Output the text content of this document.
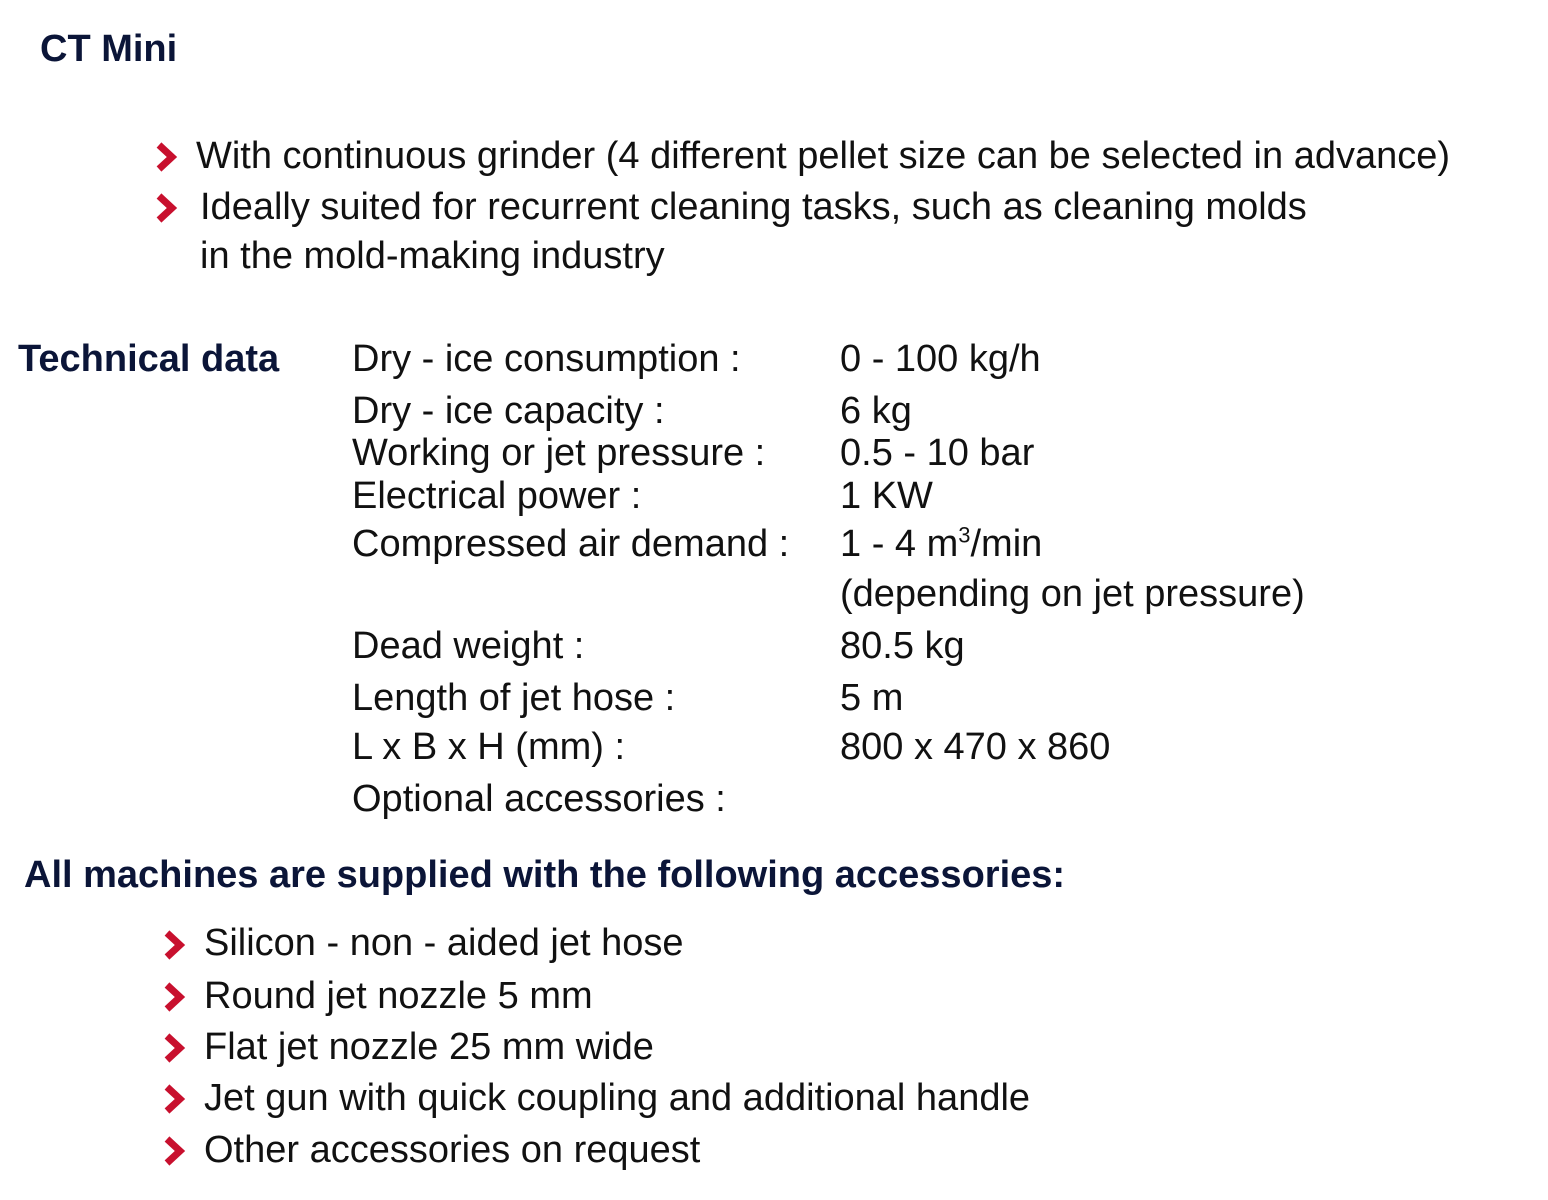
CT Mini
With continuous grinder (4 different pellet size can be selected in advance)
Ideally suited for recurrent cleaning tasks, such as cleaning molds
in the mold-making industry
Technical data Dry - ice consumption :	0 - 100 kg/h
Dry - ice capacity :	6 kg
Working or jet pressure : 0.5 - 10 bar
Electrical power :	1 KW
Compressed air demand : 1 - 4 $m^3/\min$
(depending on jet pressure)
Dead weight :	80.5 kg
Length of jet hose :	5 m
L x B x H (mm) :	800 x 470 x 860
Optional accessories :
All machines are supplied with the following accessories:
Silicon - non - aided jet hose
Round jet nozzle 5 mm
Flat jet nozzle 25 mm wide
Jet gun with quick coupling and additional handle
Other accessories on request
